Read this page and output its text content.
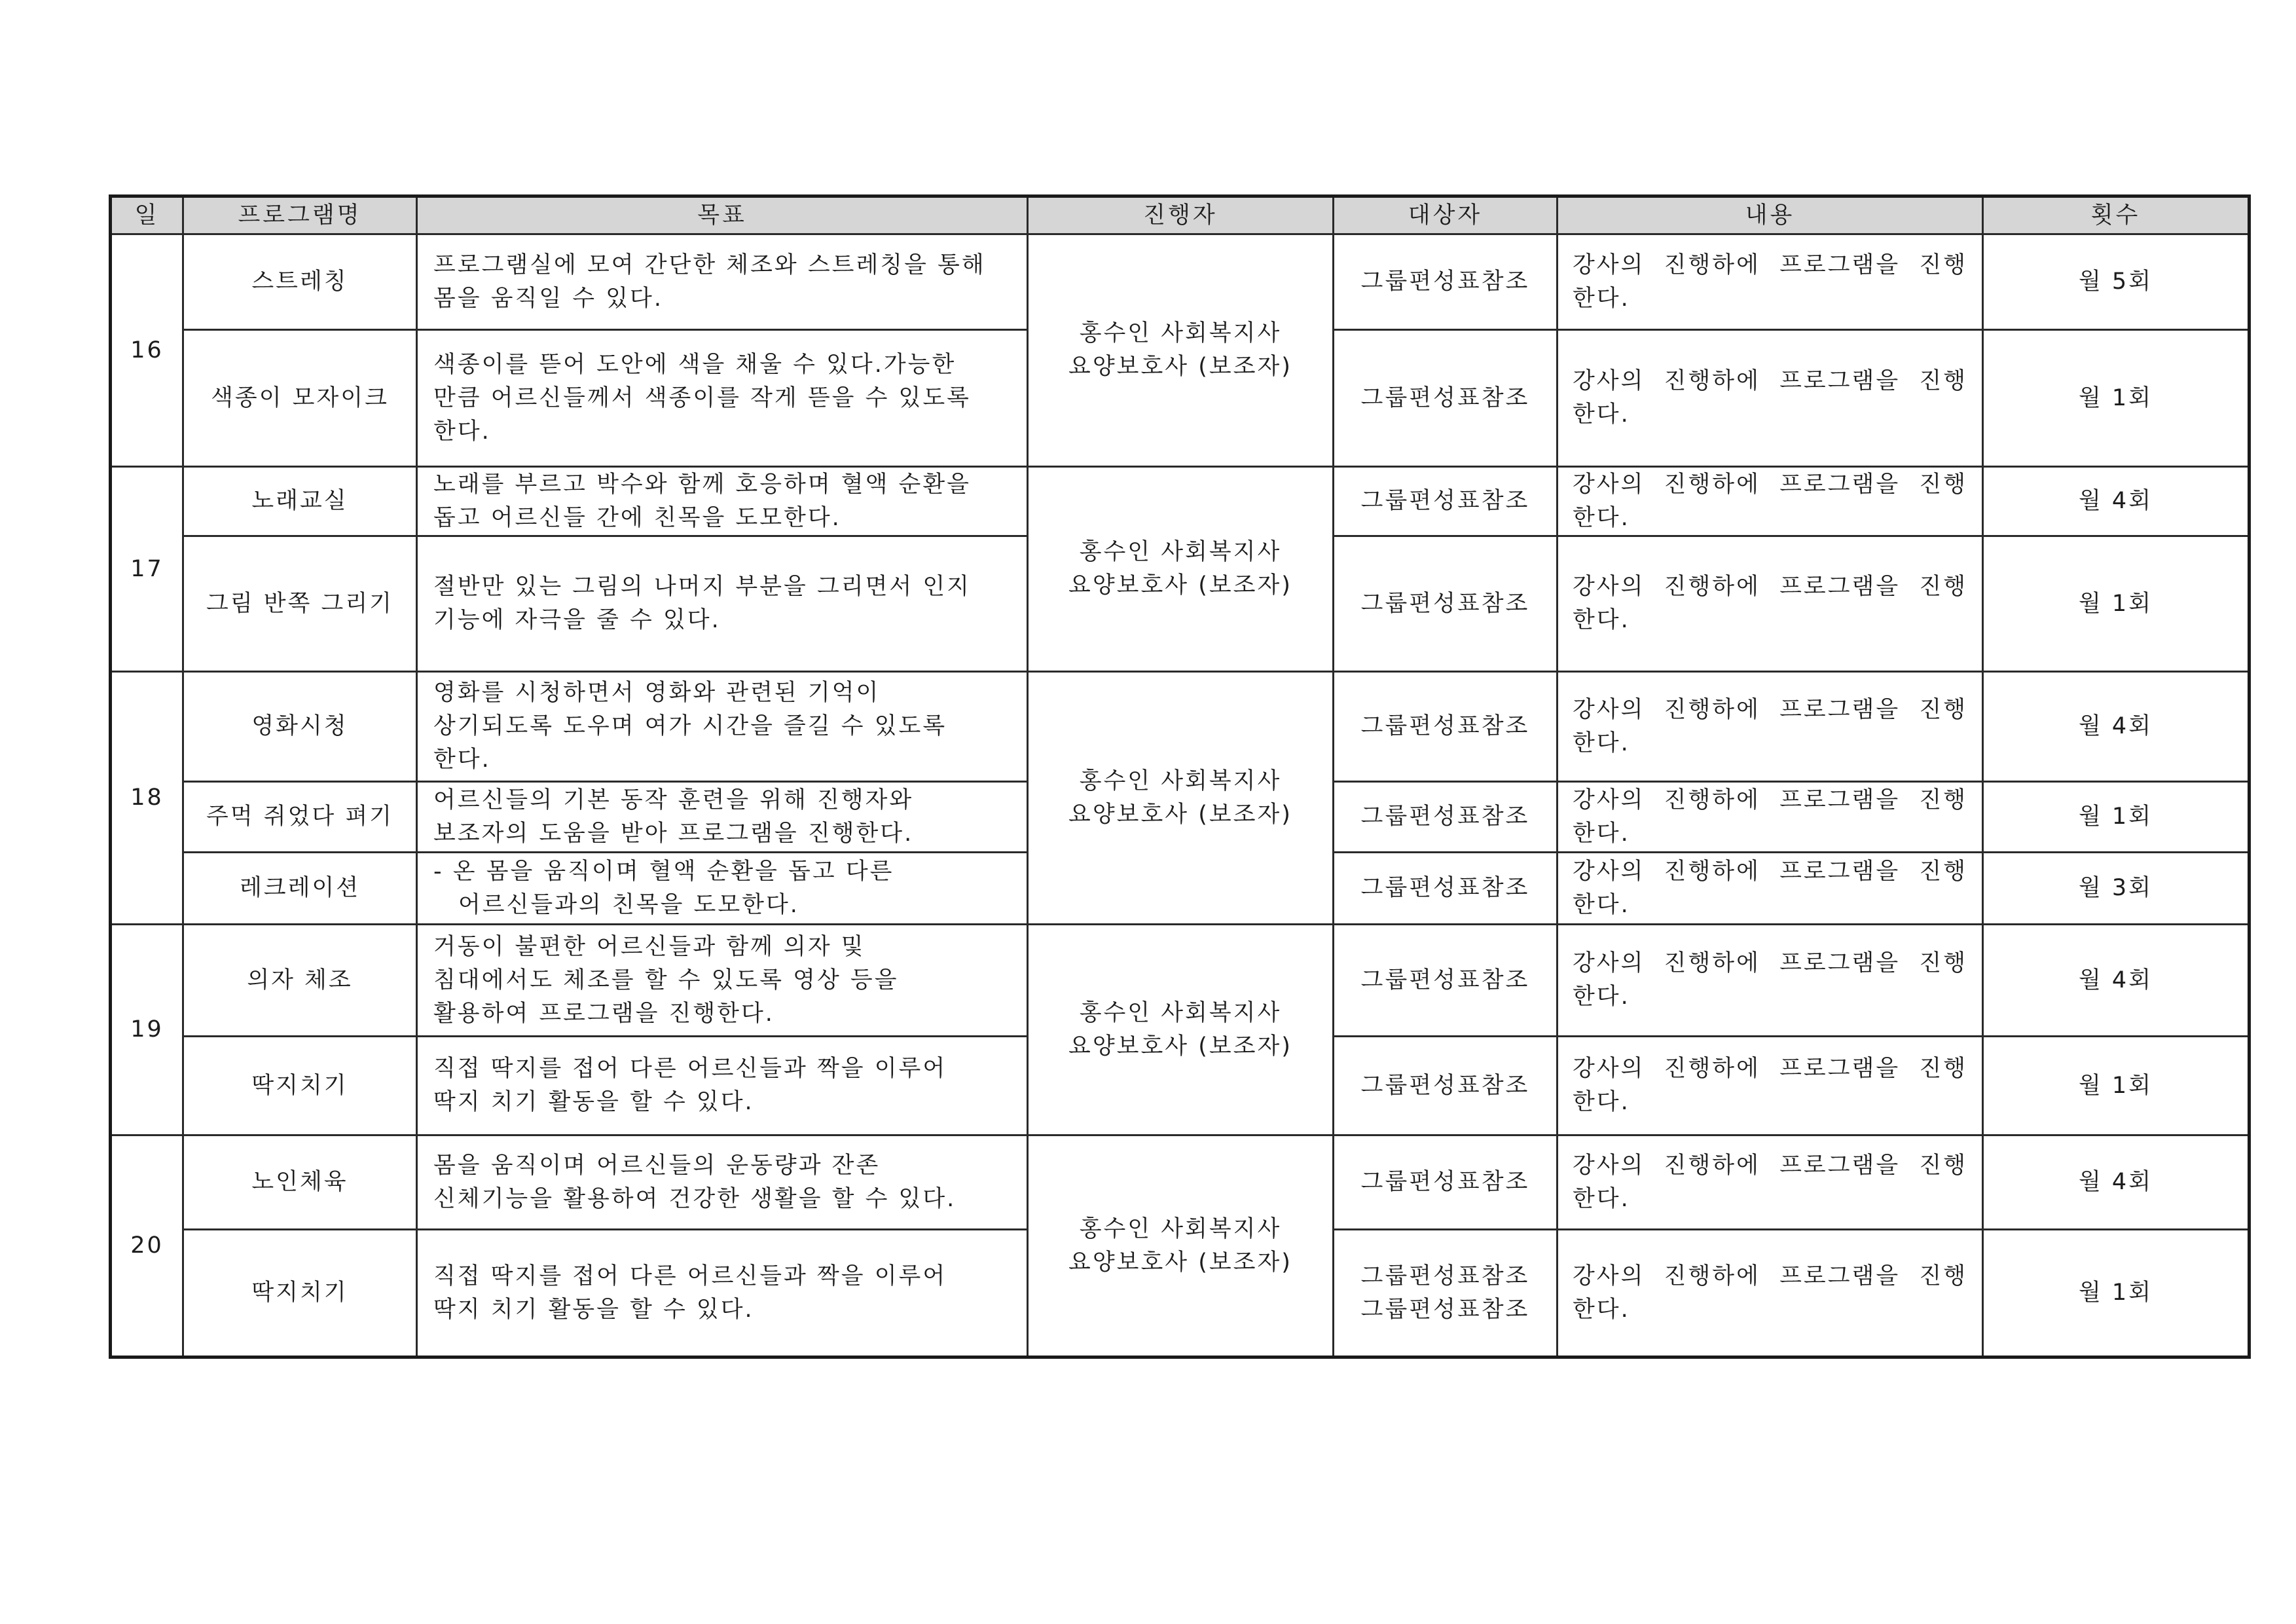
일	프로그램명	목표	진행자	대상자	내용	횟수
16	스트레칭	프로그램실에 모여 간단한 체조와 스트레칭을 통해
몸을 움직일 수 있다.	홍수인 사회복지사
요양보호사 (보조자)	그룹편성표참조	강사의 진행하에 프로그램을 진행
한다.	월 5회
	색종이 모자이크	색종이를 뜯어 도안에 색을 채울 수 있다.가능한
만큼 어르신들께서 색종이를 작게 뜯을 수 있도록
한다.		그룹편성표참조	강사의 진행하에 프로그램을 진행
한다.	월 1회
17	노래교실	노래를 부르고 박수와 함께 호응하며 혈액 순환을
돕고 어르신들 간에 친목을 도모한다.	홍수인 사회복지사
요양보호사 (보조자)	그룹편성표참조	강사의 진행하에 프로그램을 진행
한다.	월 4회
	그림 반쪽 그리기	절반만 있는 그림의 나머지 부분을 그리면서 인지
기능에 자극을 줄 수 있다.		그룹편성표참조	강사의 진행하에 프로그램을 진행
한다.	월 1회
18	영화시청	영화를 시청하면서 영화와 관련된 기억이
상기되도록 도우며 여가 시간을 즐길 수 있도록
한다.	홍수인 사회복지사
요양보호사 (보조자)	그룹편성표참조	강사의 진행하에 프로그램을 진행
한다.	월 4회
	주먹 쥐었다 펴기	어르신들의 기본 동작 훈련을 위해 진행자와
보조자의 도움을 받아 프로그램을 진행한다.		그룹편성표참조	강사의 진행하에 프로그램을 진행
한다.	월 1회
	레크레이션	- 온 몸을 움직이며 혈액 순환을 돕고 다른
어르신들과의 친목을 도모한다.		그룹편성표참조	강사의 진행하에 프로그램을 진행
한다.	월 3회
19	의자 체조	거동이 불편한 어르신들과 함께 의자 및
침대에서도 체조를 할 수 있도록 영상 등을
활용하여 프로그램을 진행한다.	홍수인 사회복지사
요양보호사 (보조자)	그룹편성표참조	강사의 진행하에 프로그램을 진행
한다.	월 4회
	딱지치기	직접 딱지를 접어 다른 어르신들과 짝을 이루어
딱지 치기 활동을 할 수 있다.		그룹편성표참조	강사의 진행하에 프로그램을 진행
한다.	월 1회
20	노인체육	몸을 움직이며 어르신들의 운동량과 잔존
신체기능을 활용하여 건강한 생활을 할 수 있다.	홍수인 사회복지사
요양보호사 (보조자)	그룹편성표참조	강사의 진행하에 프로그램을 진행
한다.	월 4회
	딱지치기	직접 딱지를 접어 다른 어르신들과 짝을 이루어
딱지 치기 활동을 할 수 있다.		그룹편성표참조
그룹편성표참조	강사의 진행하에 프로그램을 진행
한다.	월 1회
